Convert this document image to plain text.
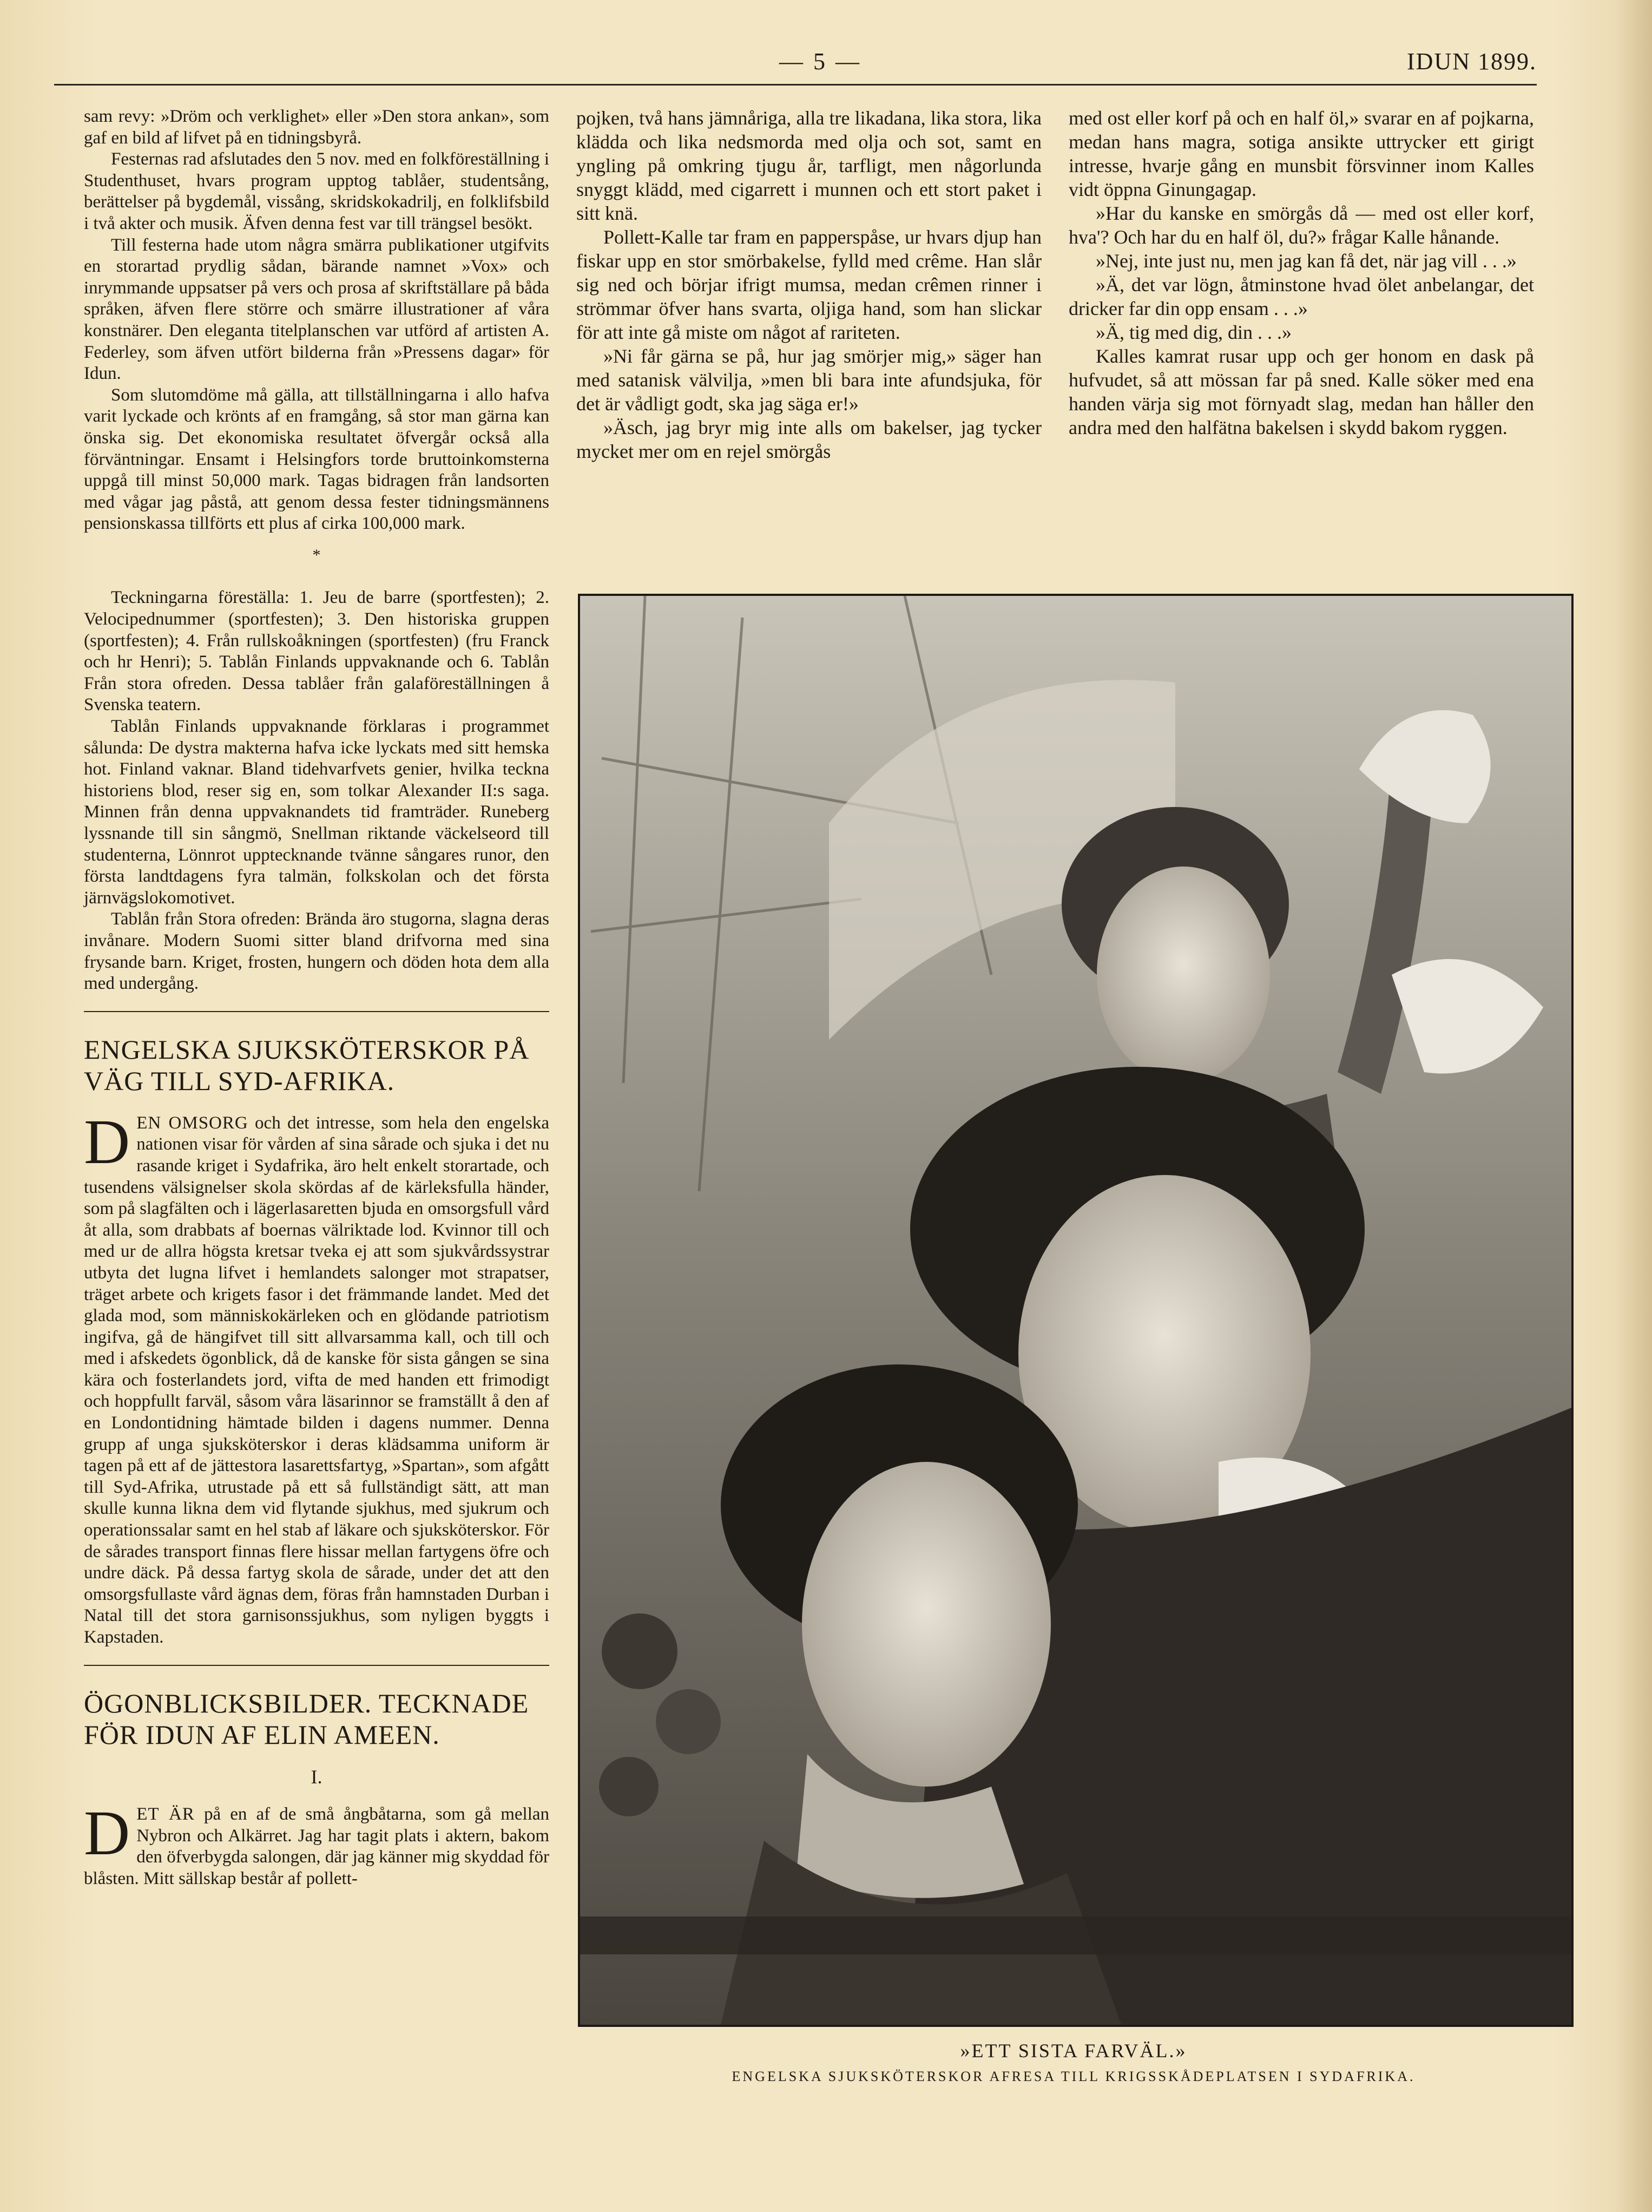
— 5 —	IDUN 1899.

sam revy: »Dröm och verklighet» eller »Den stora ankan», som gaf en bild af lifvet på en tidningsbyrå.

Festernas rad afslutades den 5 nov. med en folkföreställning i Studenthuset, hvars program upptog tablåer, studentsång, berättelser på bygdemål, vissång, skridskokadrilj, en folklifsbild i två akter och musik. Äfven denna fest var till trängsel besökt.

Till festerna hade utom några smärra publikationer utgifvits en storartad prydlig sådan, bärande namnet »Vox» och inrymmande uppsatser på vers och prosa af skriftställare på båda språken, äfven flere större och smärre illustrationer af våra konstnärer. Den eleganta titelplanschen var utförd af artisten A. Federley, som äfven utfört bilderna från »Pressens dagar» för Idun.

Som slutomdöme må gälla, att tillställningarna i allo hafva varit lyckade och krönts af en framgång, så stor man gärna kan önska sig. Det ekonomiska resultatet öfvergår också alla förväntningar. Ensamt i Helsingfors torde bruttoinkomsterna uppgå till minst 50,000 mark. Tagas bidragen från landsorten med vågar jag påstå, att genom dessa fester tidningsmännens pensionskassa tillförts ett plus af cirka 100,000 mark.

*

Teckningarna föreställa: 1. Jeu de barre (sportfesten); 2. Velocipednummer (sportfesten); 3. Den historiska gruppen (sportfesten); 4. Från rullskoåkningen (sportfesten) (fru Franck och hr Henri); 5. Tablån Finlands uppvaknande och 6. Tablån Från stora ofreden. Dessa tablåer från galaföreställningen å Svenska teatern.

Tablån Finlands uppvaknande förklaras i programmet sålunda: De dystra makterna hafva icke lyckats med sitt hemska hot. Finland vaknar. Bland tidehvarfvets genier, hvilka teckna historiens blod, reser sig en, som tolkar Alexander II:s saga. Minnen från denna uppvaknandets tid framträder. Runeberg lyssnande till sin sångmö, Snellman riktande väckelseord till studenterna, Lönnrot upptecknande tvänne sångares runor, den första landtdagens fyra talmän, folkskolan och det första järnvägslokomotivet.

Tablån från Stora ofreden: Brända äro stugorna, slagna deras invånare. Modern Suomi sitter bland drifvorna med sina frysande barn. Kriget, frosten, hungern och döden hota dem alla med undergång.

ENGELSKA SJUKSKÖTERSKOR PÅ VÄG TILL SYD-AFRIKA.

DEN OMSORG och det intresse, som hela den engelska nationen visar för vården af sina sårade och sjuka i det nu rasande kriget i Sydafrika, äro helt enkelt storartade, och tusendens välsignelser skola skördas af de kärleksfulla händer, som på slagfälten och i lägerlasaretten bjuda en omsorgsfull vård åt alla, som drabbats af boernas välriktade lod. Kvinnor till och med ur de allra högsta kretsar tveka ej att som sjukvårdssystrar utbyta det lugna lifvet i hemlandets salonger mot strapatser, träget arbete och krigets fasor i det främmande landet. Med det glada mod, som människokärleken och en glödande patriotism ingifva, gå de hängifvet till sitt allvarsamma kall, och till och med i afskedets ögonblick, då de kanske för sista gången se sina kära och fosterlandets jord, vifta de med handen ett frimodigt och hoppfullt farväl, såsom våra läsarinnor se framställt å den af en Londontidning hämtade bilden i dagens nummer. Denna grupp af unga sjuksköterskor i deras klädsamma uniform är tagen på ett af de jättestora lasarettsfartyg, »Spartan», som afgått till Syd-Afrika, utrustade på ett så fullständigt sätt, att man skulle kunna likna dem vid flytande sjukhus, med sjukrum och operationssalar samt en hel stab af läkare och sjuksköterskor. För de sårades transport finnas flere hissar mellan fartygens öfre och undre däck. På dessa fartyg skola de sårade, under det att den omsorgsfullaste vård ägnas dem, föras från hamnstaden Durban i Natal till det stora garnisonssjukhus, som nyligen byggts i Kapstaden.

ÖGONBLICKSBILDER. TECKNADE FÖR IDUN AF ELIN AMEEN.
I.

DET ÄR på en af de små ångbåtarna, som gå mellan Nybron och Alkärret. Jag har tagit plats i aktern, bakom den öfverbygda salongen, där jag känner mig skyddad för blåsten. Mitt sällskap består af pollett-

pojken, två hans jämnåriga, alla tre likadana, lika stora, lika klädda och lika nedsmorda med olja och sot, samt en yngling på omkring tjugu år, tarfligt, men någorlunda snyggt klädd, med cigarrett i munnen och ett stort paket i sitt knä.

Pollett-Kalle tar fram en papperspåse, ur hvars djup han fiskar upp en stor smörbakelse, fylld med crême. Han slår sig ned och börjar ifrigt mumsa, medan crêmen rinner i strömmar öfver hans svarta, oljiga hand, som han slickar för att inte gå miste om något af rariteten.

»Ni får gärna se på, hur jag smörjer mig,» säger han med satanisk välvilja, »men bli bara inte afundsjuka, för det är vådligt godt, ska jag säga er!»

»Äsch, jag bryr mig inte alls om bakelser, jag tycker mycket mer om en rejel smörgås

med ost eller korf på och en half öl,» svarar en af pojkarna, medan hans magra, sotiga ansikte uttrycker ett girigt intresse, hvarje gång en munsbit försvinner inom Kalles vidt öppna Ginungagap.

»Har du kanske en smörgås då — med ost eller korf, hva'? Och har du en half öl, du?» frågar Kalle hånande.

»Nej, inte just nu, men jag kan få det, när jag vill . . .»

»Ä, det var lögn, åtminstone hvad ölet anbelangar, det dricker far din opp ensam . . .»

»Ä, tig med dig, din . . .»

Kalles kamrat rusar upp och ger honom en dask på hufvudet, så att mössan far på sned. Kalle söker med ena handen värja sig mot förnyadt slag, medan han håller den andra med den halfätna bakelsen i skydd bakom ryggen.

»ETT SISTA FARVÄL.»
ENGELSKA SJUKSKÖTERSKOR AFRESA TILL KRIGSSKÅDEPLATSEN I SYDAFRIKA.
